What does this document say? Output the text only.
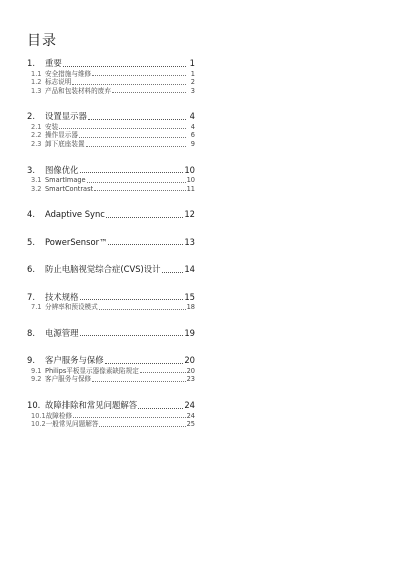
目录
1.	重要	1
1.1 安全措施与维修	1
1.2 标志说明	2
1.3 产品和包装材料的废弃	3
2.	设置显示器	4
2.1 安装	4
2.2 操作显示器	6
2.3 卸下底座装置	9
3.	图像优化	10
3.1 SmartImage	10
3.2 SmartContrast	11
4.	Adaptive Sync	12
5.	PowerSensor™	13
6.	防止电脑视觉综合症(CVS)设计	14
7.	技术规格	15
7.1 分辨率和预设模式	18
8.	电源管理	19
9.	客户服务与保修	20
9.1 Philips平板显示器像素缺陷规定	20
9.2 客户服务与保修	23
10. 故障排除和常见问题解答	24
10.1 故障检修	24
10.2 一般常见问题解答	25
